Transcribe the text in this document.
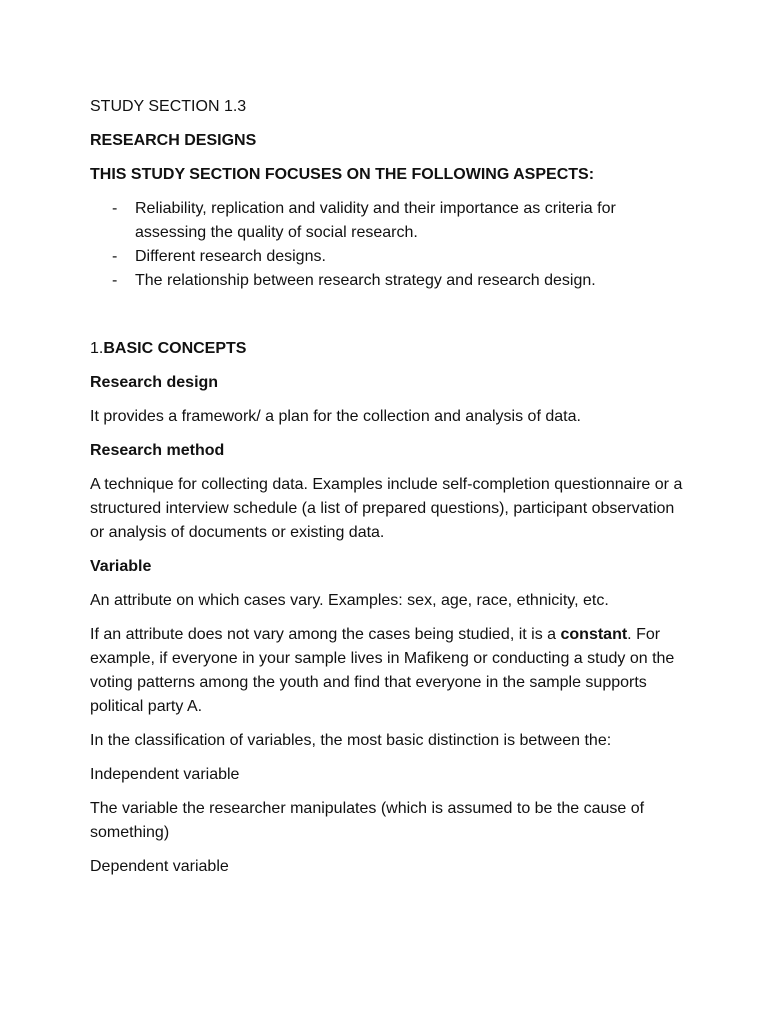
STUDY SECTION 1.3

RESEARCH DESIGNS

THIS STUDY SECTION FOCUSES ON THE FOLLOWING ASPECTS:

- Reliability, replication and validity and their importance as criteria for assessing the quality of social research.
- Different research designs.
- The relationship between research strategy and research design.

1.BASIC CONCEPTS

Research design

It provides a framework/ a plan for the collection and analysis of data.

Research method

A technique for collecting data. Examples include self-completion questionnaire or a structured interview schedule (a list of prepared questions), participant observation or analysis of documents or existing data.

Variable

An attribute on which cases vary. Examples: sex, age, race, ethnicity, etc.

If an attribute does not vary among the cases being studied, it is a constant. For example, if everyone in your sample lives in Mafikeng or conducting a study on the voting patterns among the youth and find that everyone in the sample supports political party A.

In the classification of variables, the most basic distinction is between the:

Independent variable

The variable the researcher manipulates (which is assumed to be the cause of something)

Dependent variable
